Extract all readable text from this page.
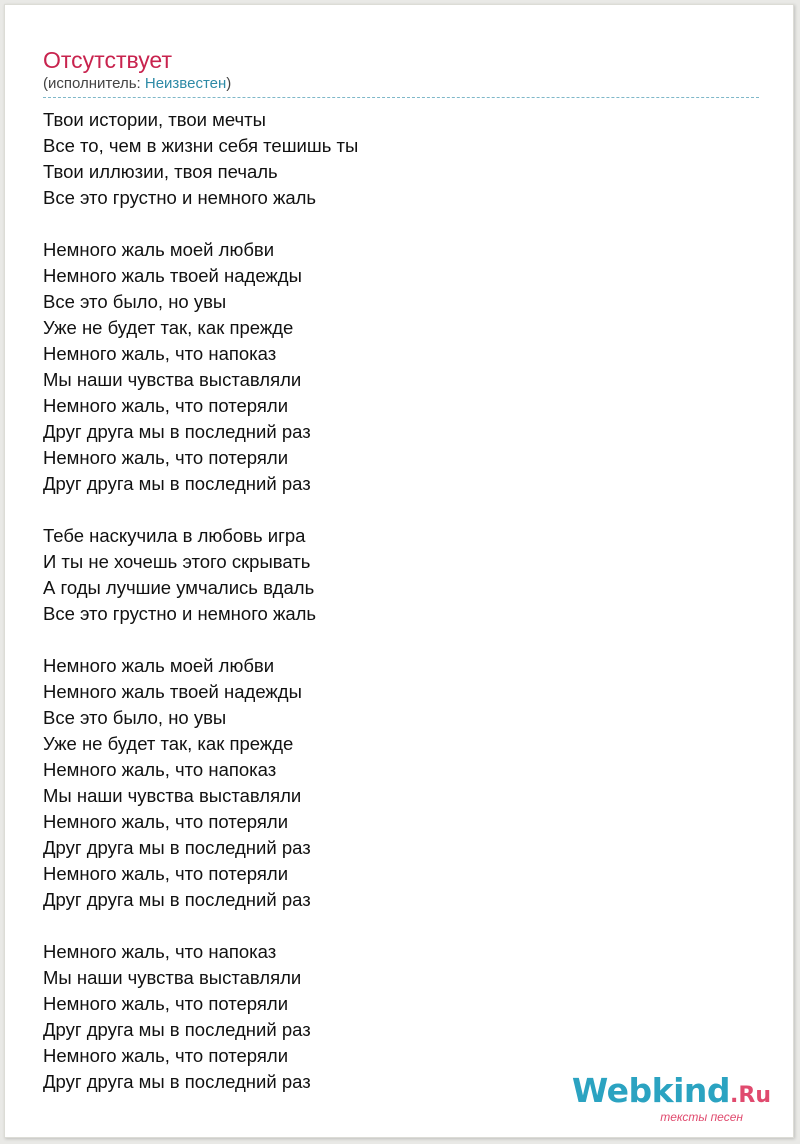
Отсутствует
(исполнитель: Неизвестен)
Твои истории, твои мечты
Все то, чем в жизни себя тешишь ты
Твои иллюзии, твоя печаль
Все это грустно и немного жаль
Немного жаль моей любви
Немного жаль твоей надежды
Все это было, но увы
Уже не будет так, как прежде
Немного жаль, что напоказ
Мы наши чувства выставляли
Немного жаль, что потеряли
Друг друга мы в последний раз
Немного жаль, что потеряли
Друг друга мы в последний раз
Тебе наскучила в любовь игра
И ты не хочешь этого скрывать
А годы лучшие умчались вдаль
Все это грустно и немного жаль
Немного жаль моей любви
Немного жаль твоей надежды
Все это было, но увы
Уже не будет так, как прежде
Немного жаль, что напоказ
Мы наши чувства выставляли
Немного жаль, что потеряли
Друг друга мы в последний раз
Немного жаль, что потеряли
Друг друга мы в последний раз
Немного жаль, что напоказ
Мы наши чувства выставляли
Немного жаль, что потеряли
Друг друга мы в последний раз
Немного жаль, что потеряли
Друг друга мы в последний раз	Webkind.Ru
тексты песен
